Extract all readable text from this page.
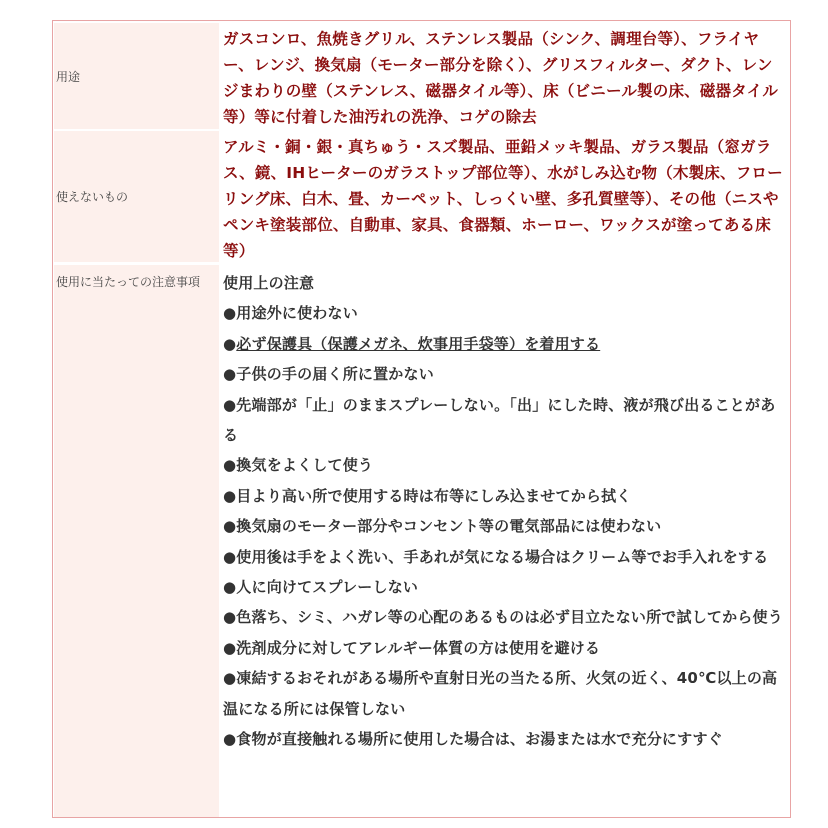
用途

ガスコンロ、魚焼きグリル、ステンレス製品（シンク、調理台等）、フライヤー、レンジ、換気扇（モーター部分を除く）、グリスフィルター、ダクト、レンジまわりの壁（ステンレス、磁器タイル等）、床（ビニール製の床、磁器タイル等）等に付着した油汚れの洗浄、コゲの除去

使えないもの

アルミ・銅・銀・真ちゅう・スズ製品、亜鉛メッキ製品、ガラス製品（窓ガラス、鏡、IHヒーターのガラストップ部位等）、水がしみ込む物（木製床、フローリング床、白木、畳、カーペット、しっくい壁、多孔質壁等）、その他（ニスやペンキ塗装部位、自動車、家具、食器類、ホーロー、ワックスが塗ってある床等）

使用に当たっての注意事項	使用上の注意

●用途外に使わない

●必ず保護具（保護メガネ、炊事用手袋等）を着用する

●子供の手の届く所に置かない

●先端部が「止」のままスプレーしない。「出」にした時、液が飛び出ることがある

●換気をよくして使う

●目より高い所で使用する時は布等にしみ込ませてから拭く

●換気扇のモーター部分やコンセント等の電気部品には使わない

●使用後は手をよく洗い、手あれが気になる場合はクリーム等でお手入れをする

●人に向けてスプレーしない

●色落ち、シミ、ハガレ等の心配のあるものは必ず目立たない所で試してから使う

●洗剤成分に対してアレルギー体質の方は使用を避ける

●凍結するおそれがある場所や直射日光の当たる所、火気の近く、40℃以上の高温になる所には保管しない

●食物が直接触れる場所に使用した場合は、お湯または水で充分にすすぐ
